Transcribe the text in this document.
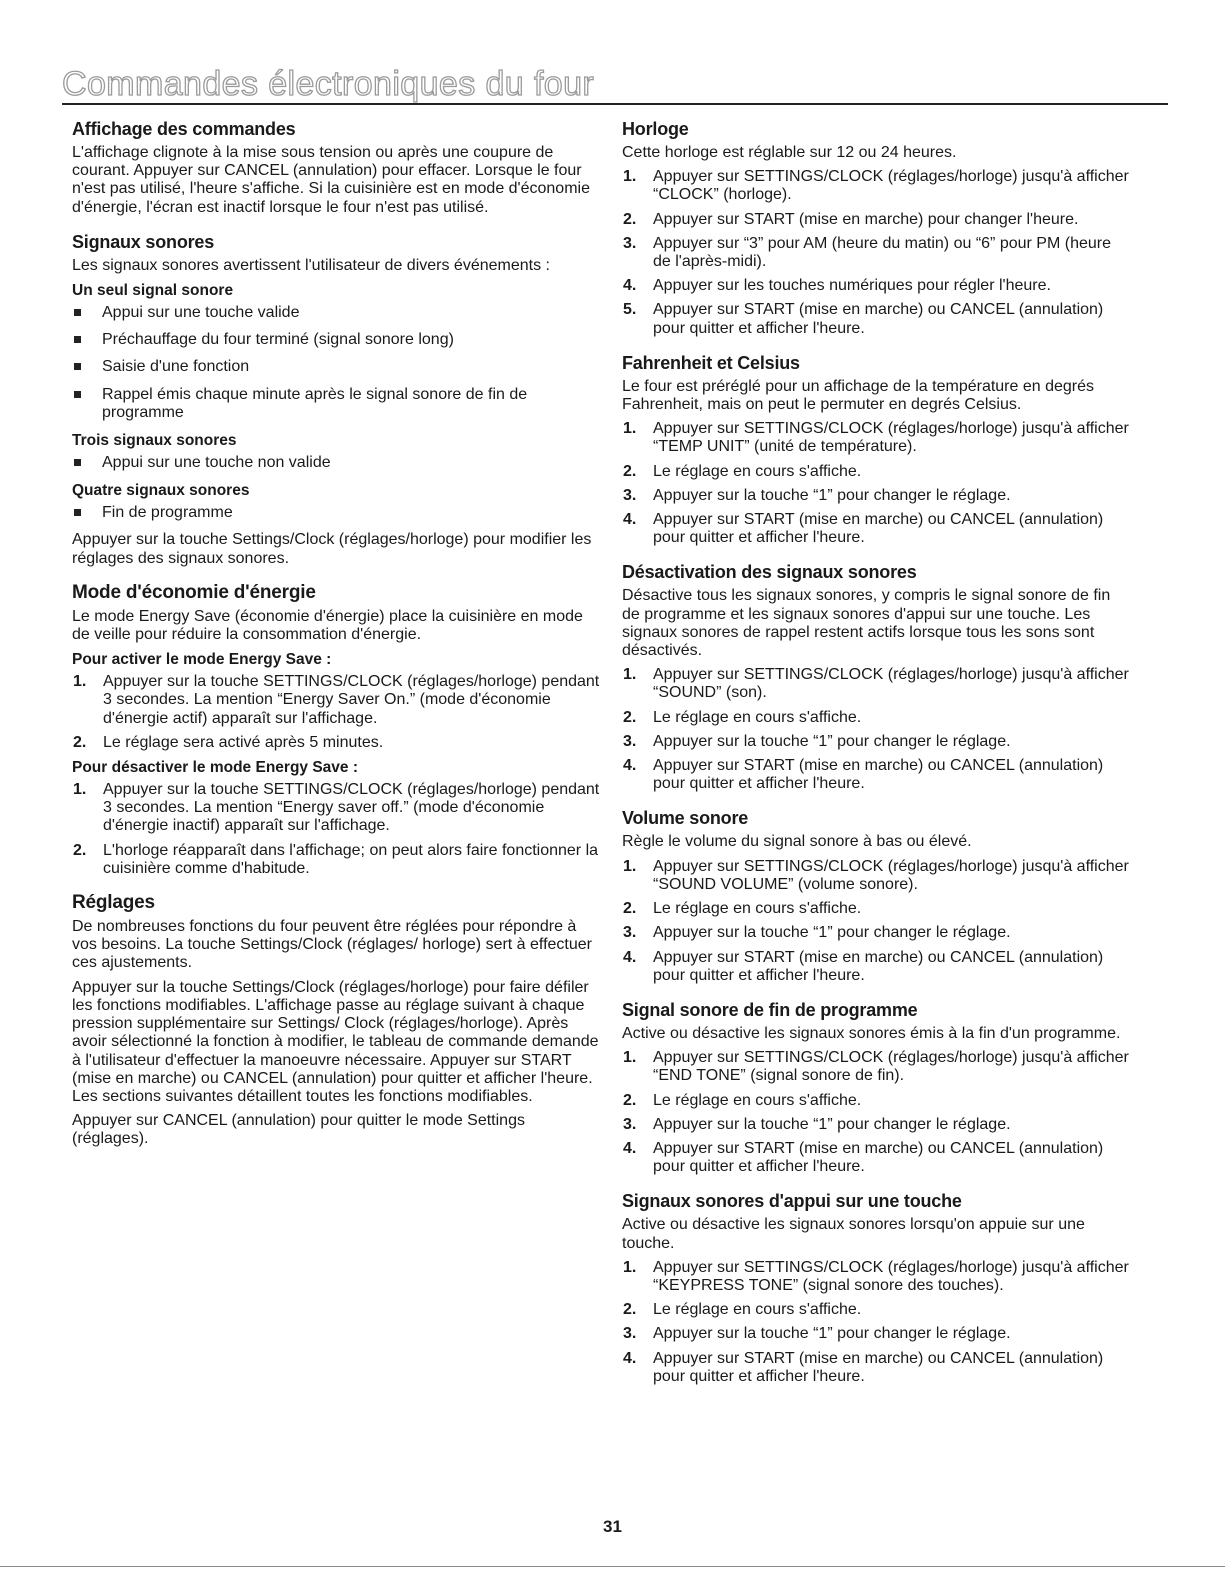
Commandes électroniques du four
Affichage des commandes

L'affichage clignote à la mise sous tension ou après une coupure de courant. Appuyer sur CANCEL (annulation) pour effacer. Lorsque le four n'est pas utilisé, l'heure s'affiche. Si la cuisinière est en mode d'économie d'énergie, l'écran est inactif lorsque le four n'est pas utilisé.

Signaux sonores

Les signaux sonores avertissent l'utilisateur de divers événements :

Un seul signal sonore
Appui sur une touche valide
Préchauffage du four terminé (signal sonore long)
Saisie d'une fonction
Rappel émis chaque minute après le signal sonore de fin de programme
Trois signaux sonores
Appui sur une touche non valide
Quatre signaux sonores
Fin de programme

Appuyer sur la touche Settings/Clock (réglages/horloge) pour modifier les réglages des signaux sonores.

Mode d'économie d'énergie

Le mode Energy Save (économie d'énergie) place la cuisinière en mode de veille pour réduire la consommation d'énergie.

Pour activer le mode Energy Save :
1. Appuyer sur la touche SETTINGS/CLOCK (réglages/horloge) pendant 3 secondes. La mention “Energy Saver On.” (mode d'économie d'énergie actif) apparaît sur l'affichage.
2. Le réglage sera activé après 5 minutes.
Pour désactiver le mode Energy Save :
1. Appuyer sur la touche SETTINGS/CLOCK (réglages/horloge) pendant 3 secondes. La mention “Energy saver off.” (mode d'économie d'énergie inactif) apparaît sur l'affichage.
2. L'horloge réapparaît dans l'affichage; on peut alors faire fonctionner la cuisinière comme d'habitude.
Réglages

De nombreuses fonctions du four peuvent être réglées pour répondre à vos besoins. La touche Settings/Clock (réglages/ horloge) sert à effectuer ces ajustements.

Appuyer sur la touche Settings/Clock (réglages/horloge) pour faire défiler les fonctions modifiables. L'affichage passe au réglage suivant à chaque pression supplémentaire sur Settings/ Clock (réglages/horloge). Après avoir sélectionné la fonction à modifier, le tableau de commande demande à l'utilisateur d'effectuer la manoeuvre nécessaire. Appuyer sur START (mise en marche) ou CANCEL (annulation) pour quitter et afficher l'heure. Les sections suivantes détaillent toutes les fonctions modifiables.

Appuyer sur CANCEL (annulation) pour quitter le mode Settings (réglages).

Horloge

Cette horloge est réglable sur 12 ou 24 heures.

1. Appuyer sur SETTINGS/CLOCK (réglages/horloge) jusqu'à afficher “CLOCK” (horloge).
2. Appuyer sur START (mise en marche) pour changer l'heure.
3. Appuyer sur “3” pour AM (heure du matin) ou “6” pour PM (heure de l'après-midi).
4. Appuyer sur les touches numériques pour régler l'heure.
5. Appuyer sur START (mise en marche) ou CANCEL (annulation) pour quitter et afficher l'heure.
Fahrenheit et Celsius

Le four est préréglé pour un affichage de la température en degrés Fahrenheit, mais on peut le permuter en degrés Celsius.

1. Appuyer sur SETTINGS/CLOCK (réglages/horloge) jusqu'à afficher “TEMP UNIT” (unité de température).
2. Le réglage en cours s'affiche.
3. Appuyer sur la touche “1” pour changer le réglage.
4. Appuyer sur START (mise en marche) ou CANCEL (annulation) pour quitter et afficher l'heure.
Désactivation des signaux sonores

Désactive tous les signaux sonores, y compris le signal sonore de fin de programme et les signaux sonores d'appui sur une touche. Les signaux sonores de rappel restent actifs lorsque tous les sons sont désactivés.

1. Appuyer sur SETTINGS/CLOCK (réglages/horloge) jusqu'à afficher “SOUND” (son).
2. Le réglage en cours s'affiche.
3. Appuyer sur la touche “1” pour changer le réglage.
4. Appuyer sur START (mise en marche) ou CANCEL (annulation) pour quitter et afficher l'heure.
Volume sonore

Règle le volume du signal sonore à bas ou élevé.

1. Appuyer sur SETTINGS/CLOCK (réglages/horloge) jusqu'à afficher “SOUND VOLUME” (volume sonore).
2. Le réglage en cours s'affiche.
3. Appuyer sur la touche “1” pour changer le réglage.
4. Appuyer sur START (mise en marche) ou CANCEL (annulation) pour quitter et afficher l'heure.
Signal sonore de fin de programme

Active ou désactive les signaux sonores émis à la fin d'un programme.

1. Appuyer sur SETTINGS/CLOCK (réglages/horloge) jusqu'à afficher “END TONE” (signal sonore de fin).
2. Le réglage en cours s'affiche.
3. Appuyer sur la touche “1” pour changer le réglage.
4. Appuyer sur START (mise en marche) ou CANCEL (annulation) pour quitter et afficher l'heure.
Signaux sonores d'appui sur une touche

Active ou désactive les signaux sonores lorsqu'on appuie sur une touche.

1. Appuyer sur SETTINGS/CLOCK (réglages/horloge) jusqu'à afficher “KEYPRESS TONE” (signal sonore des touches).
2. Le réglage en cours s'affiche.
3. Appuyer sur la touche “1” pour changer le réglage.
4. Appuyer sur START (mise en marche) ou CANCEL (annulation) pour quitter et afficher l'heure.
31
